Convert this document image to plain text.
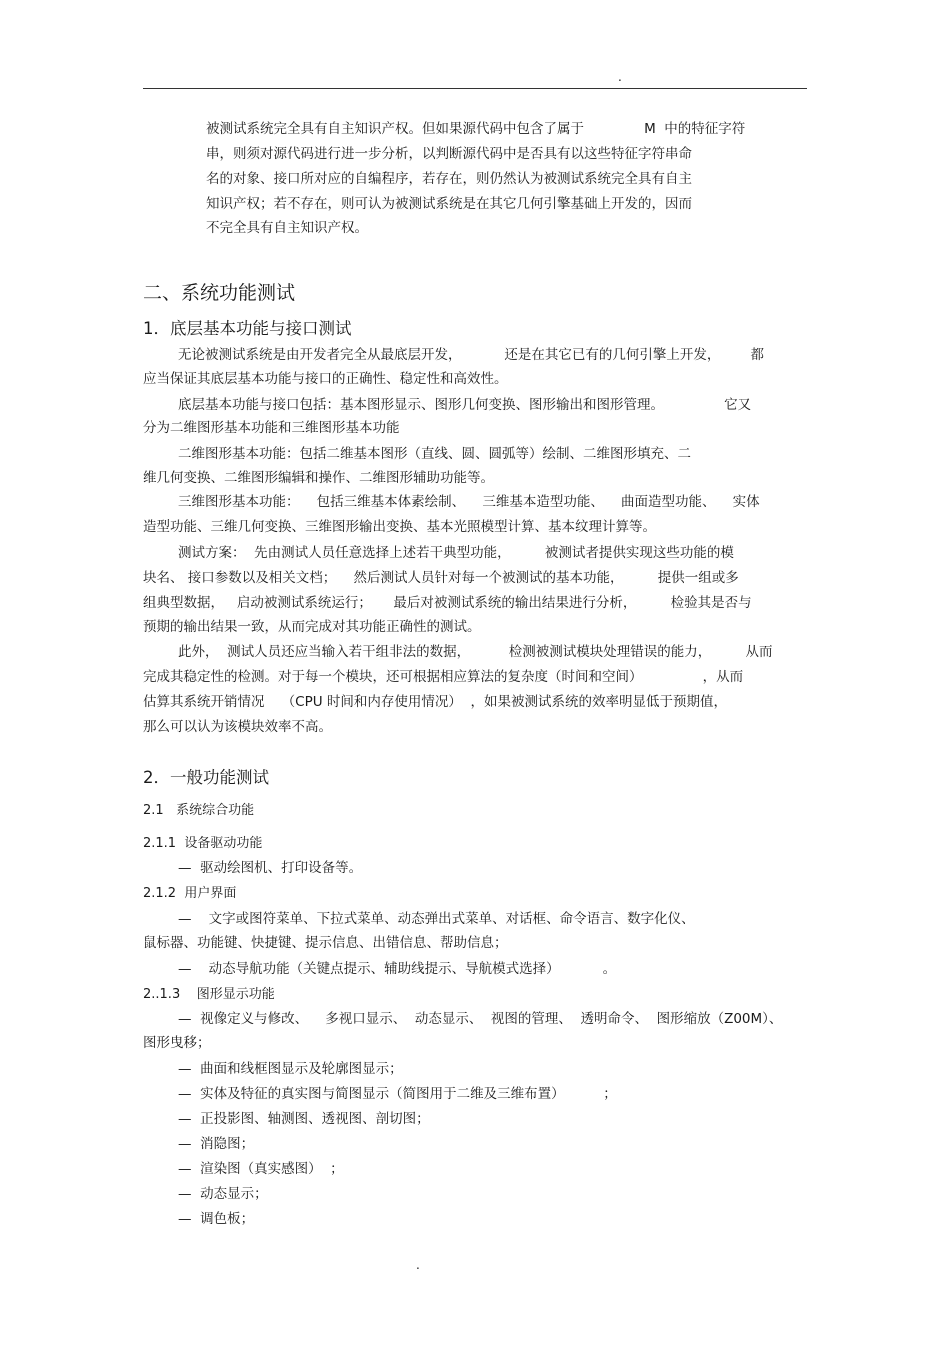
.
被测试系统完全具有自主知识产权。但如果源代码中包含了属于              M  中的特征字符
串，则须对源代码进行进一步分析，以判断源代码中是否具有以这些特征字符串命
名的对象、接口所对应的自编程序，若存在，则仍然认为被测试系统完全具有自主
知识产权；若不存在，则可认为被测试系统是在其它几何引擎基础上开发的，因而
不完全具有自主知识产权。
二、系统功能测试
1．底层基本功能与接口测试
无论被测试系统是由开发者完全从最底层开发，          还是在其它已有的几何引擎上开发，       都
应当保证其底层基本功能与接口的正确性、稳定性和高效性。
底层基本功能与接口包括：基本图形显示、图形几何变换、图形输出和图形管理。              它又
分为二维图形基本功能和三维图形基本功能
二维图形基本功能：包括二维基本图形（直线、圆、圆弧等）绘制、二维图形填充、二
维几何变换、二维图形编辑和操作、二维图形辅助功能等。
三维图形基本功能：    包括三维基本体素绘制、    三维基本造型功能、    曲面造型功能、    实体
造型功能、三维几何变换、三维图形输出变换、基本光照模型计算、基本纹理计算等。
测试方案：  先由测试人员任意选择上述若干典型功能，        被测试者提供实现这些功能的模
块名、 接口参数以及相关文档；    然后测试人员针对每一个被测试的基本功能，        提供一组或多
组典型数据，   启动被测试系统运行；     最后对被测试系统的输出结果进行分析，        检验其是否与
预期的输出结果一致，从而完成对其功能正确性的测试。
此外，  测试人员还应当输入若干组非法的数据，         检测被测试模块处理错误的能力，        从而
完成其稳定性的检测。对于每一个模块，还可根据相应算法的复杂度（时间和空间）              ，从而
估算其系统开销情况    （CPU 时间和内存使用情况）  ，如果被测试系统的效率明显低于预期值，
那么可以认为该模块效率不高。
2．一般功能测试
2.1   系统综合功能
2.1.1  设备驱动功能
—  驱动绘图机、打印设备等。
2.1.2  用户界面
—    文字或图符菜单、下拉式菜单、动态弹出式菜单、对话框、命令语言、数字化仪、
鼠标器、功能键、快捷键、提示信息、出错信息、帮助信息；
—    动态导航功能（关键点提示、辅助线提示、导航模式选择）          。
2..1.3    图形显示功能
—  视像定义与修改、    多视口显示、  动态显示、  视图的管理、  透明命令、  图形缩放（Z00M）、
图形曳移；
—  曲面和线框图显示及轮廓图显示；
—  实体及特征的真实图与简图显示（简图用于二维及三维布置）         ；
—  正投影图、轴测图、透视图、剖切图；
—  消隐图；
—  渲染图（真实感图）  ；
—  动态显示；
—  调色板；
.
